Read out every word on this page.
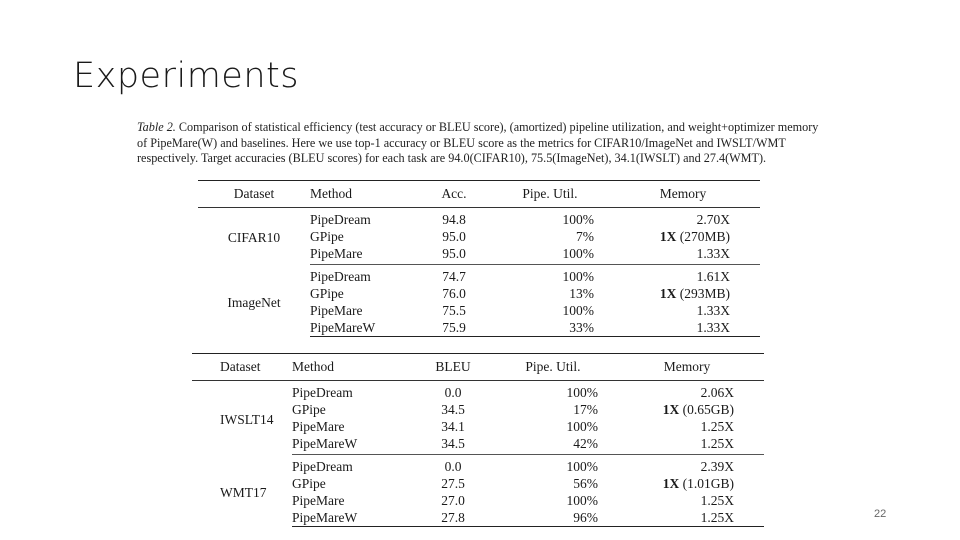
Experiments
Table 2. Comparison of statistical efficiency (test accuracy or BLEU score), (amortized) pipeline utilization, and weight+optimizer memory of PipeMare(W) and baselines. Here we use top-1 accuracy or BLEU score as the metrics for CIFAR10/ImageNet and IWSLT/WMT respectively. Target accuracies (BLEU scores) for each task are 94.0(CIFAR10), 75.5(ImageNet), 34.1(IWSLT) and 27.4(WMT).
Dataset	Method	Acc.	Pipe. Util.	Memory
CIFAR10	PipeDream	94.8	100%	2.70X
	GPipe	95.0	7%	1X (270MB)
	PipeMare	95.0	100%	1.33X
ImageNet	PipeDream	74.7	100%	1.61X
	GPipe	76.0	13%	1X (293MB)
	PipeMare	75.5	100%	1.33X
	PipeMareW	75.9	33%	1.33X
Dataset	Method	BLEU	Pipe. Util.	Memory
IWSLT14	PipeDream	0.0	100%	2.06X
	GPipe	34.5	17%	1X (0.65GB)
	PipeMare	34.1	100%	1.25X
	PipeMareW	34.5	42%	1.25X
WMT17	PipeDream	0.0	100%	2.39X
	GPipe	27.5	56%	1X (1.01GB)
	PipeMare	27.0	100%	1.25X
	PipeMareW	27.8	96%	1.25X	22
